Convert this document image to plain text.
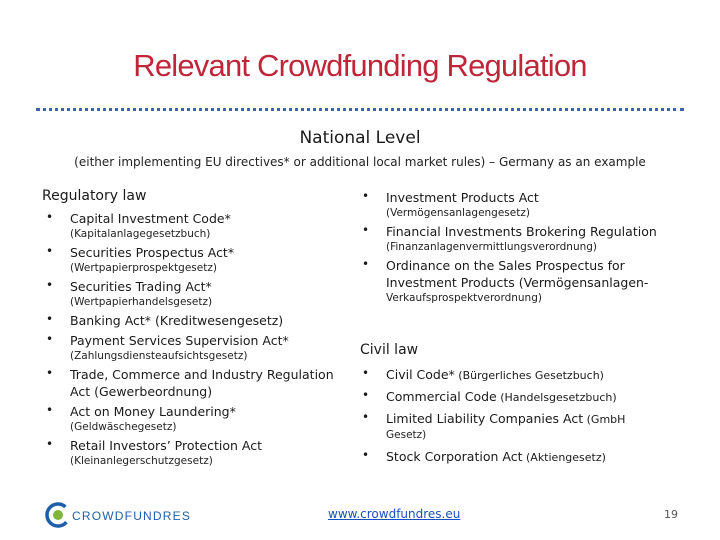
Relevant Crowdfunding Regulation
National Level
(either implementing EU directives* or additional local market rules) – Germany as an example
Regulatory law
• Capital Investment Code*
(Kapitalanlagegesetzbuch)
• Securities Prospectus Act*
(Wertpapierprospektgesetz)
• Securities Trading Act*
(Wertpapierhandelsgesetz)
• Banking Act* (Kreditwesengesetz)
• Payment Services Supervision Act*
(Zahlungsdiensteaufsichtsgesetz)
• Trade, Commerce and Industry Regulation Act (Gewerbeordnung)
• Act on Money Laundering*
(Geldwäschegesetz)
• Retail Investors’ Protection Act
(Kleinanlegerschutzgesetz)
• Investment Products Act
(Vermögensanlagengesetz)
• Financial Investments Brokering Regulation
(Finanzanlagenvermittlungsverordnung)
• Ordinance on the Sales Prospectus for Investment Products (Vermögensanlagen-
Verkaufsprospektverordnung)
Civil law
• Civil Code* (Bürgerliches Gesetzbuch)
• Commercial Code (Handelsgesetzbuch)
• Limited Liability Companies Act (GmbH
Gesetz)
• Stock Corporation Act (Aktiengesetz)
CROWDFUNDRES	www.crowdfundres.eu	19
